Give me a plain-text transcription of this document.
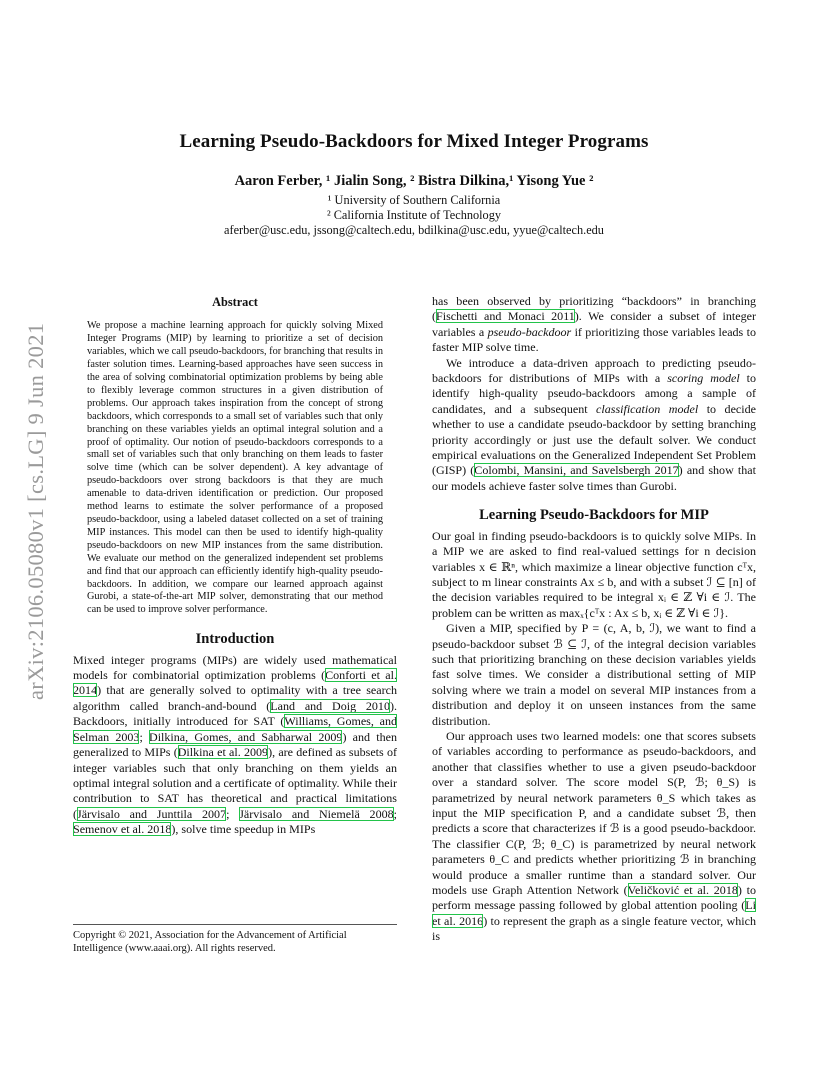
Learning Pseudo-Backdoors for Mixed Integer Programs
Aaron Ferber, ¹ Jialin Song, ² Bistra Dilkina,¹ Yisong Yue ²
¹ University of Southern California
² California Institute of Technology
aferber@usc.edu, jssong@caltech.edu, bdilkina@usc.edu, yyue@caltech.edu
arXiv:2106.05080v1 [cs.LG] 9 Jun 2021
Abstract

We propose a machine learning approach for quickly solving Mixed Integer Programs (MIP) by learning to prioritize a set of decision variables, which we call pseudo-backdoors, for branching that results in faster solution times. Learning-based approaches have seen success in the area of solving combinatorial optimization problems by being able to flexibly leverage common structures in a given distribution of problems. Our approach takes inspiration from the concept of strong backdoors, which corresponds to a small set of variables such that only branching on these variables yields an optimal integral solution and a proof of optimality. Our notion of pseudo-backdoors corresponds to a small set of variables such that only branching on them leads to faster solve time (which can be solver dependent). A key advantage of pseudo-backdoors over strong backdoors is that they are much amenable to data-driven identification or prediction. Our proposed method learns to estimate the solver performance of a proposed pseudo-backdoor, using a labeled dataset collected on a set of training MIP instances. This model can then be used to identify high-quality pseudo-backdoors on new MIP instances from the same distribution. We evaluate our method on the generalized independent set problems and find that our approach can efficiently identify high-quality pseudo-backdoors. In addition, we compare our learned approach against Gurobi, a state-of-the-art MIP solver, demonstrating that our method can be used to improve solver performance.

Introduction

Mixed integer programs (MIPs) are widely used mathematical models for combinatorial optimization problems (Conforti et al. 2014) that are generally solved to optimality with a tree search algorithm called branch-and-bound (Land and Doig 2010). Backdoors, initially introduced for SAT (Williams, Gomes, and Selman 2003; Dilkina, Gomes, and Sabharwal 2009) and then generalized to MIPs (Dilkina et al. 2009), are defined as subsets of integer variables such that only branching on them yields an optimal integral solution and a certificate of optimality. While their contribution to SAT has theoretical and practical limitations (Järvisalo and Junttila 2007; Järvisalo and Niemelä 2008; Semenov et al. 2018), solve time speedup in MIPs

Copyright © 2021, Association for the Advancement of Artificial Intelligence (www.aaai.org). All rights reserved.

has been observed by prioritizing “backdoors” in branching (Fischetti and Monaci 2011). We consider a subset of integer variables a pseudo-backdoor if prioritizing those variables leads to faster MIP solve time.

We introduce a data-driven approach to predicting pseudo-backdoors for distributions of MIPs with a scoring model to identify high-quality pseudo-backdoors among a sample of candidates, and a subsequent classification model to decide whether to use a candidate pseudo-backdoor by setting branching priority accordingly or just use the default solver. We conduct empirical evaluations on the Generalized Independent Set Problem (GISP) (Colombi, Mansini, and Savelsbergh 2017) and show that our models achieve faster solve times than Gurobi.

Learning Pseudo-Backdoors for MIP

Our goal in finding pseudo-backdoors is to quickly solve MIPs. In a MIP we are asked to find real-valued settings for n decision variables x ∈ ℝⁿ, which maximize a linear objective function cᵀx, subject to m linear constraints Ax ≤ b, and with a subset ℐ ⊆ [n] of the decision variables required to be integral xᵢ ∈ ℤ ∀i ∈ ℐ. The problem can be written as maxₓ{cᵀx : Ax ≤ b, xᵢ ∈ ℤ ∀i ∈ ℐ}.

Given a MIP, specified by P = (c, A, b, ℐ), we want to find a pseudo-backdoor subset ℬ ⊆ ℐ, of the integral decision variables such that prioritizing branching on these decision variables yields fast solve times. We consider a distributional setting of MIP solving where we train a model on several MIP instances from a distribution and deploy it on unseen instances from the same distribution.

Our approach uses two learned models: one that scores subsets of variables according to performance as pseudo-backdoors, and another that classifies whether to use a given pseudo-backdoor over a standard solver. The score model S(P, ℬ; θ_S) is parametrized by neural network parameters θ_S which takes as input the MIP specification P, and a candidate subset ℬ, then predicts a score that characterizes if ℬ is a good pseudo-backdoor. The classifier C(P, ℬ; θ_C) is parametrized by neural network parameters θ_C and predicts whether prioritizing ℬ in branching would produce a smaller runtime than a standard solver. Our models use Graph Attention Network (Veličković et al. 2018) to perform message passing followed by global attention pooling (Li et al. 2016) to represent the graph as a single feature vector, which is
